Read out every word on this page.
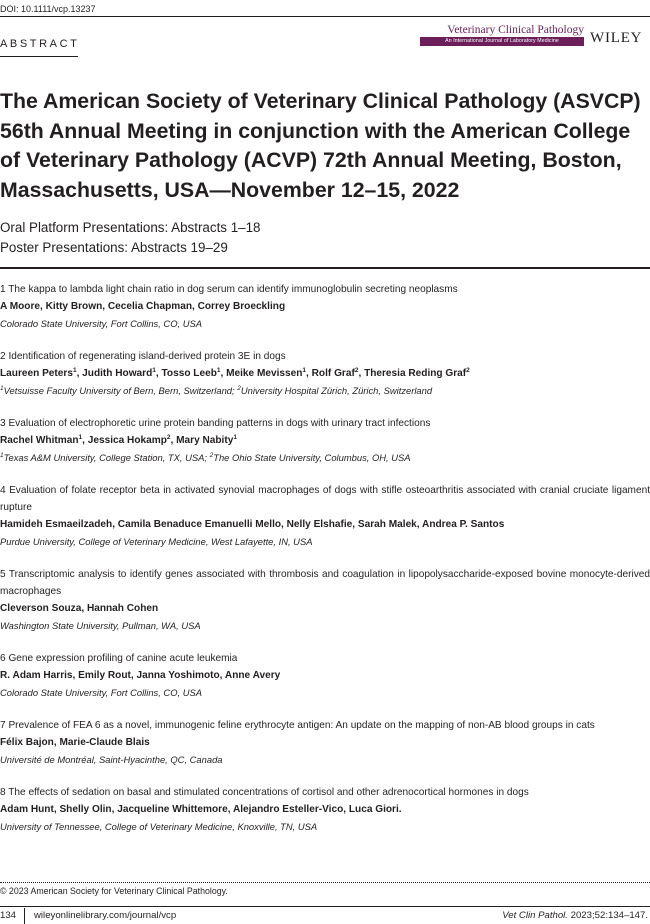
DOI: 10.1111/vcp.13237
ABSTRACT
Veterinary Clinical Pathology
An International Journal of Laboratory Medicine	WILEY
The American Society of Veterinary Clinical Pathology (ASVCP) 56th Annual Meeting in conjunction with the American College of Veterinary Pathology (ACVP) 72th Annual Meeting, Boston, Massachusetts, USA—November 12–15, 2022
Oral Platform Presentations: Abstracts 1–18
Poster Presentations: Abstracts 19–29
1 The kappa to lambda light chain ratio in dog serum can identify immunoglobulin secreting neoplasms
A Moore, Kitty Brown, Cecelia Chapman, Correy Broeckling
Colorado State University, Fort Collins, CO, USA
2 Identification of regenerating island-derived protein 3E in dogs
Laureen Peters$^1$, Judith Howard$^1$, Tosso Leeb$^1$, Meike Mevissen$^1$, Rolf Graf$^2$, Theresia Reding Graf$^2$
$^1$Vetsuisse Faculty University of Bern, Bern, Switzerland; $^2$University Hospital Zürich, Zürich, Switzerland
3 Evaluation of electrophoretic urine protein banding patterns in dogs with urinary tract infections
Rachel Whitman$^1$, Jessica Hokamp$^2$, Mary Nabity$^1$
$^1$Texas A&M University, College Station, TX, USA; $^2$The Ohio State University, Columbus, OH, USA
4 Evaluation of folate receptor beta in activated synovial macrophages of dogs with stifle osteoarthritis associated with cranial cruciate ligament rupture
Hamideh Esmaeilzadeh, Camila Benaduce Emanuelli Mello, Nelly Elshafie, Sarah Malek, Andrea P. Santos
Purdue University, College of Veterinary Medicine, West Lafayette, IN, USA
5 Transcriptomic analysis to identify genes associated with thrombosis and coagulation in lipopolysaccharide-exposed bovine monocyte-derived macrophages
Cleverson Souza, Hannah Cohen
Washington State University, Pullman, WA, USA
6 Gene expression profiling of canine acute leukemia
R. Adam Harris, Emily Rout, Janna Yoshimoto, Anne Avery
Colorado State University, Fort Collins, CO, USA
7 Prevalence of FEA 6 as a novel, immunogenic feline erythrocyte antigen: An update on the mapping of non-AB blood groups in cats
Félix Bajon, Marie-Claude Blais
Université de Montréal, Saint-Hyacinthe, QC, Canada
8 The effects of sedation on basal and stimulated concentrations of cortisol and other adrenocortical hormones in dogs
Adam Hunt, Shelly Olin, Jacqueline Whittemore, Alejandro Esteller-Vico, Luca Giori.
University of Tennessee, College of Veterinary Medicine, Knoxville, TN, USA
© 2023 American Society for Veterinary Clinical Pathology.
134 wileyonlinelibrary.com/journal/vcp	Vet Clin Pathol. 2023;52:134–147.
